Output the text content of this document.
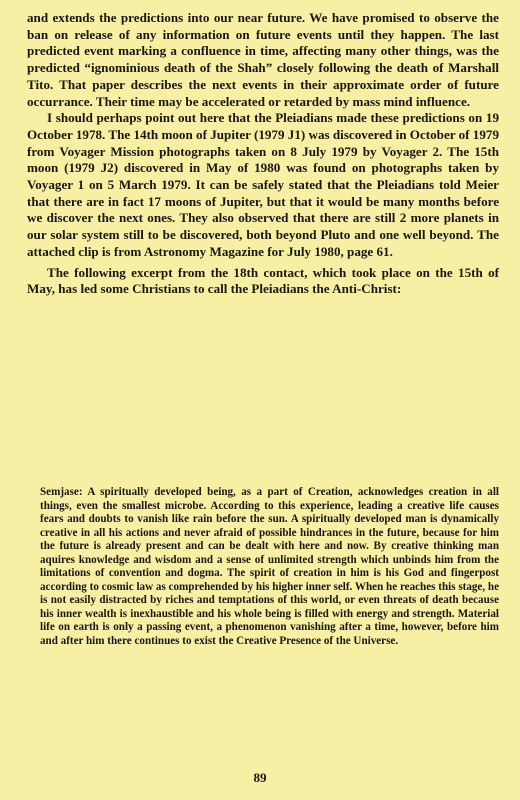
and extends the predictions into our near future. We have promised to observe the ban on release of any information on future events until they happen. The last predicted event marking a confluence in time, affecting many other things, was the predicted “ignominious death of the Shah” closely following the death of Marshall Tito. That paper describes the next events in their approximate order of future occurrance. Their time may be accelerated or retarded by mass mind influence.

I should perhaps point out here that the Pleiadians made these predictions on 19 October 1978. The 14th moon of Jupiter (1979 J1) was discovered in October of 1979 from Voyager Mission photographs taken on 8 July 1979 by Voyager 2. The 15th moon (1979 J2) discovered in May of 1980 was found on photographs taken by Voyager 1 on 5 March 1979. It can be safely stated that the Pleiadians told Meier that there are in fact 17 moons of Jupiter, but that it would be many months before we discover the next ones. They also observed that there are still 2 more planets in our solar system still to be discovered, both beyond Pluto and one well beyond. The attached clip is from Astronomy Magazine for July 1980, page 61.

The following excerpt from the 18th contact, which took place on the 15th of May, has led some Christians to call the Pleiadians the Anti-Christ:

Semjase: A spiritually developed being, as a part of Creation, acknowledges creation in all things, even the smallest microbe. According to this experience, leading a creative life causes fears and doubts to vanish like rain before the sun. A spiritually developed man is dynamically creative in all his actions and never afraid of possible hindrances in the future, because for him the future is already present and can be dealt with here and now. By creative thinking man aquires knowledge and wisdom and a sense of unlimited strength which unbinds him from the limitations of convention and dogma. The spirit of creation in him is his God and fingerpost according to cosmic law as comprehended by his higher inner self. When he reaches this stage, he is not easily distracted by riches and temptations of this world, or even threats of death because his inner wealth is inexhaustible and his whole being is filled with energy and strength. Material life on earth is only a passing event, a phenomenon vanishing after a time, however, before him and after him there continues to exist the Creative Presence of the Universe.
89
